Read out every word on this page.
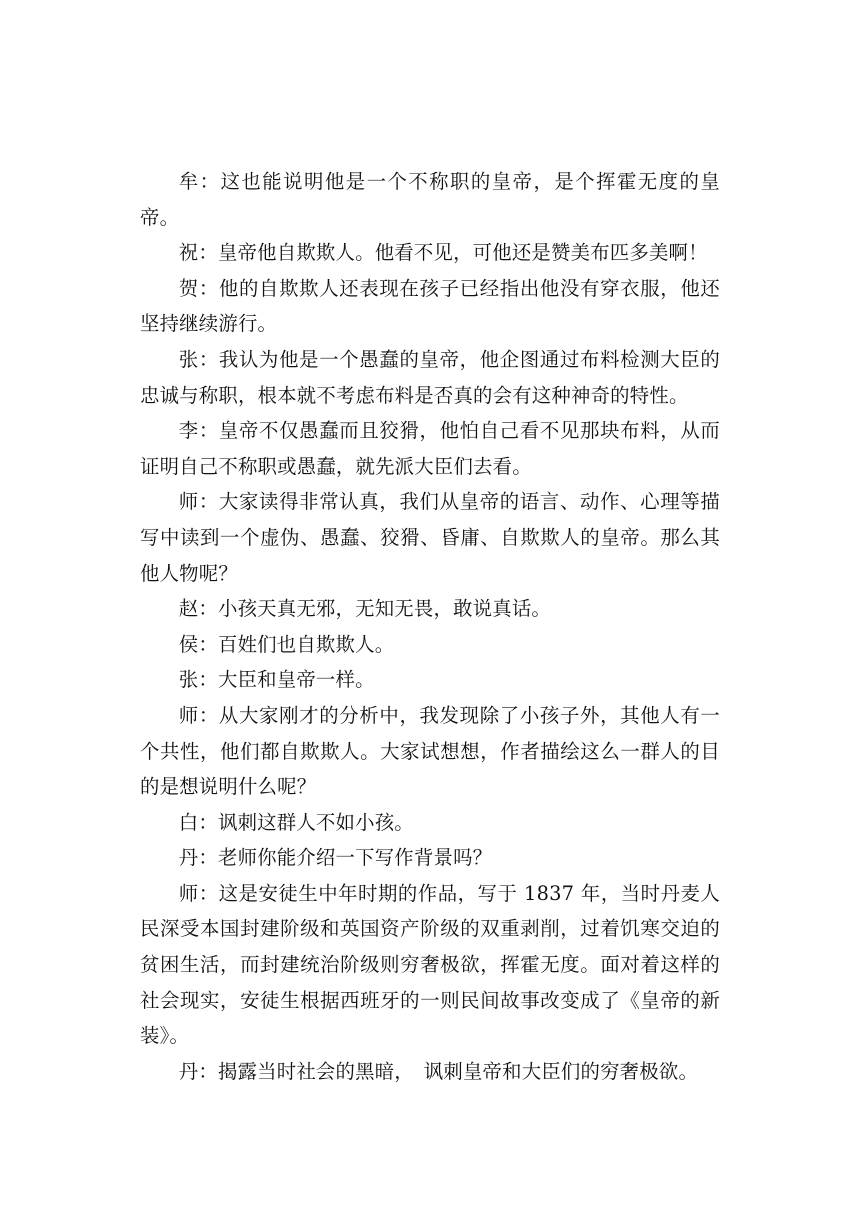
牟：这也能说明他是一个不称职的皇帝，是个挥霍无度的皇帝。

祝：皇帝他自欺欺人。他看不见，可他还是赞美布匹多美啊！

贺：他的自欺欺人还表现在孩子已经指出他没有穿衣服，他还坚持继续游行。

张：我认为他是一个愚蠢的皇帝，他企图通过布料检测大臣的忠诚与称职，根本就不考虑布料是否真的会有这种神奇的特性。

李：皇帝不仅愚蠢而且狡猾，他怕自己看不见那块布料，从而证明自己不称职或愚蠢，就先派大臣们去看。

师：大家读得非常认真，我们从皇帝的语言、动作、心理等描写中读到一个虚伪、愚蠢、狡猾、昏庸、自欺欺人的皇帝。那么其他人物呢？

赵：小孩天真无邪，无知无畏，敢说真话。

侯：百姓们也自欺欺人。

张：大臣和皇帝一样。

师：从大家刚才的分析中，我发现除了小孩子外，其他人有一个共性，他们都自欺欺人。大家试想想，作者描绘这么一群人的目的是想说明什么呢？

白：讽刺这群人不如小孩。

丹：老师你能介绍一下写作背景吗？

师：这是安徒生中年时期的作品，写于 1837 年，当时丹麦人民深受本国封建阶级和英国资产阶级的双重剥削，过着饥寒交迫的贫困生活，而封建统治阶级则穷奢极欲，挥霍无度。面对着这样的社会现实，安徒生根据西班牙的一则民间故事改变成了《皇帝的新装》。

丹：揭露当时社会的黑暗，　讽刺皇帝和大臣们的穷奢极欲。
